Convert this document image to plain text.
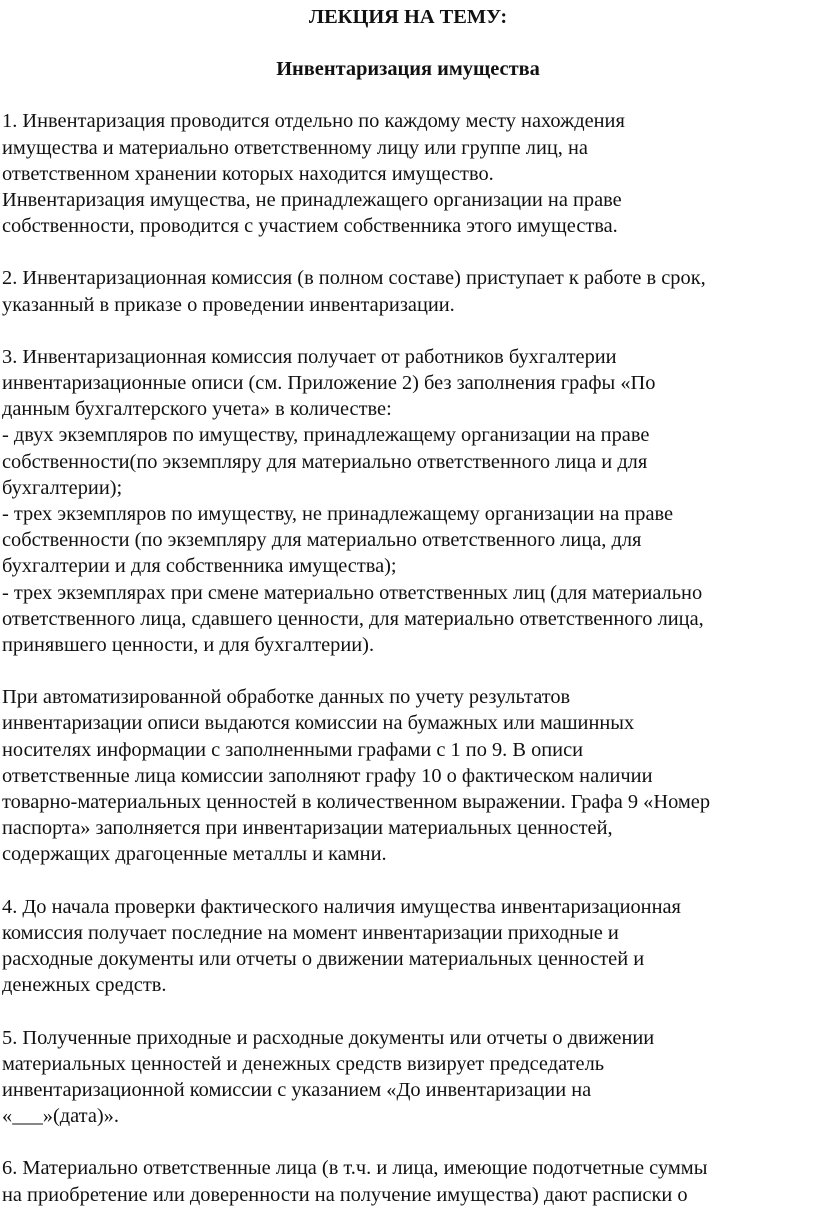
ЛЕКЦИЯ НА ТЕМУ:

Инвентаризация имущества

1. Инвентаризация проводится отдельно по каждому месту нахождения
имущества и материально ответственному лицу или группе лиц, на
ответственном хранении которых находится имущество.
Инвентаризация имущества, не принадлежащего организации на праве
собственности, проводится с участием собственника этого имущества.

2. Инвентаризационная комиссия (в полном составе) приступает к работе в срок,
указанный в приказе о проведении инвентаризации.

3. Инвентаризационная комиссия получает от работников бухгалтерии
инвентаризационные описи (см. Приложение 2) без заполнения графы «По
данным бухгалтерского учета» в количестве:
- двух экземпляров по имуществу, принадлежащему организации на праве
собственности(по экземпляру для материально ответственного лица и для
бухгалтерии);
- трех экземпляров по имуществу, не принадлежащему организации на праве
собственности (по экземпляру для материально ответственного лица, для
бухгалтерии и для собственника имущества);
- трех экземплярах при смене материально ответственных лиц (для материально
ответственного лица, сдавшего ценности, для материально ответственного лица,
принявшего ценности, и для бухгалтерии).

При автоматизированной обработке данных по учету результатов
инвентаризации описи выдаются комиссии на бумажных или машинных
носителях информации с заполненными графами с 1 по 9. В описи
ответственные лица комиссии заполняют графу 10 о фактическом наличии
товарно-материальных ценностей в количественном выражении. Графа 9 «Номер
паспорта» заполняется при инвентаризации материальных ценностей,
содержащих драгоценные металлы и камни.

4. До начала проверки фактического наличия имущества инвентаризационная
комиссия получает последние на момент инвентаризации приходные и
расходные документы или отчеты о движении материальных ценностей и
денежных средств.

5. Полученные приходные и расходные документы или отчеты о движении
материальных ценностей и денежных средств визирует председатель
инвентаризационной комиссии с указанием «До инвентаризации на
«___»(дата)».

6. Материально ответственные лица (в т.ч. и лица, имеющие подотчетные суммы
на приобретение или доверенности на получение имущества) дают расписки о
